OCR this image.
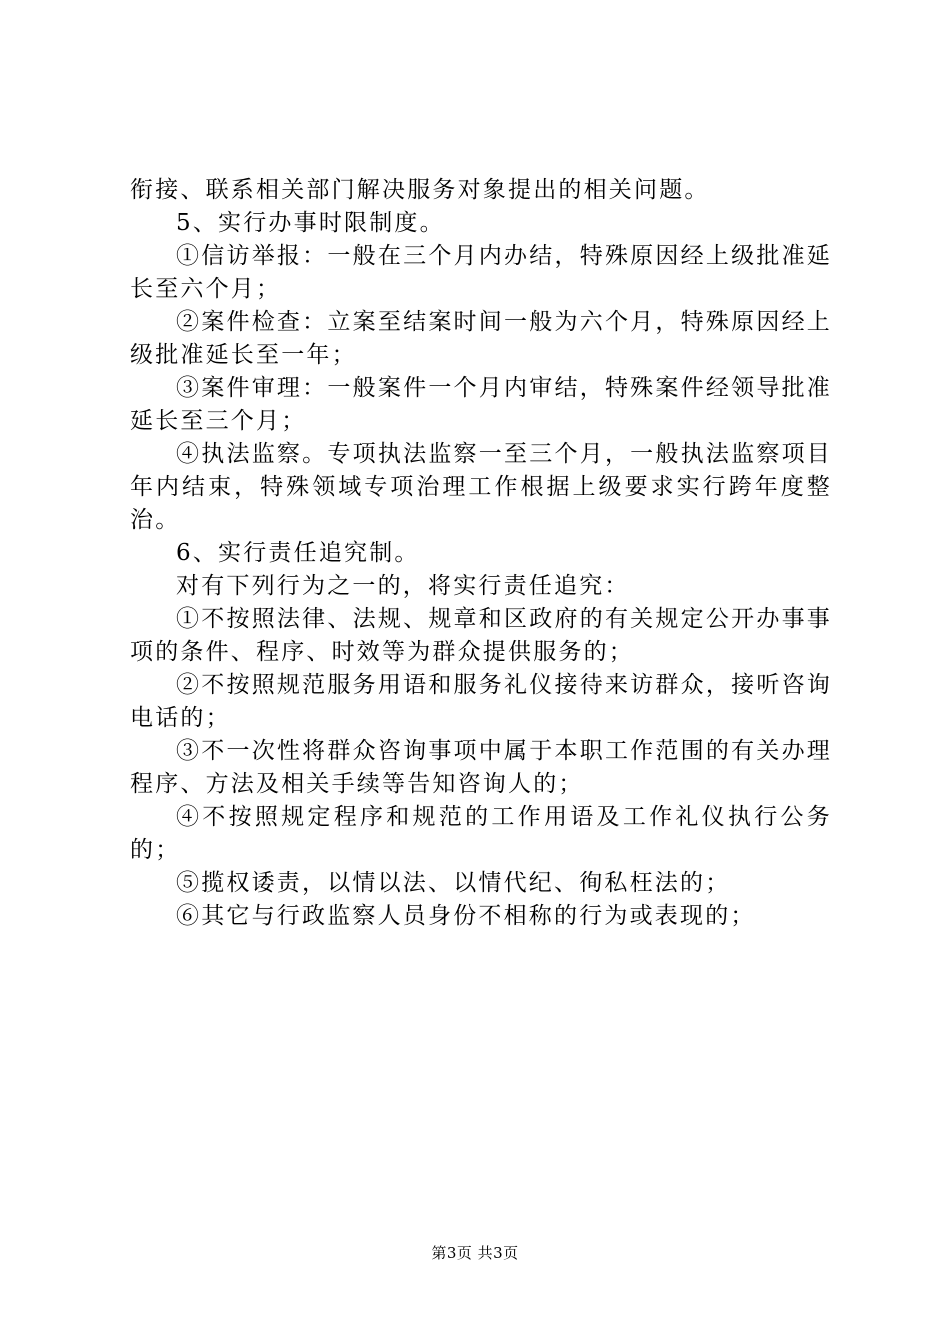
衔接、联系相关部门解决服务对象提出的相关问题。

5、实行办事时限制度。

①信访举报：一般在三个月内办结，特殊原因经上级批准延长至六个月；

②案件检查：立案至结案时间一般为六个月，特殊原因经上级批准延长至一年；

③案件审理：一般案件一个月内审结，特殊案件经领导批准延长至三个月；

④执法监察。专项执法监察一至三个月，一般执法监察项目年内结束，特殊领域专项治理工作根据上级要求实行跨年度整治。

6、实行责任追究制。

对有下列行为之一的，将实行责任追究：

①不按照法律、法规、规章和区政府的有关规定公开办事事项的条件、程序、时效等为群众提供服务的；

②不按照规范服务用语和服务礼仪接待来访群众，接听咨询电话的；

③不一次性将群众咨询事项中属于本职工作范围的有关办理程序、方法及相关手续等告知咨询人的；

④不按照规定程序和规范的工作用语及工作礼仪执行公务的；

⑤揽权诿责，以情以法、以情代纪、徇私枉法的；

⑥其它与行政监察人员身份不相称的行为或表现的；

第3页 共3页
